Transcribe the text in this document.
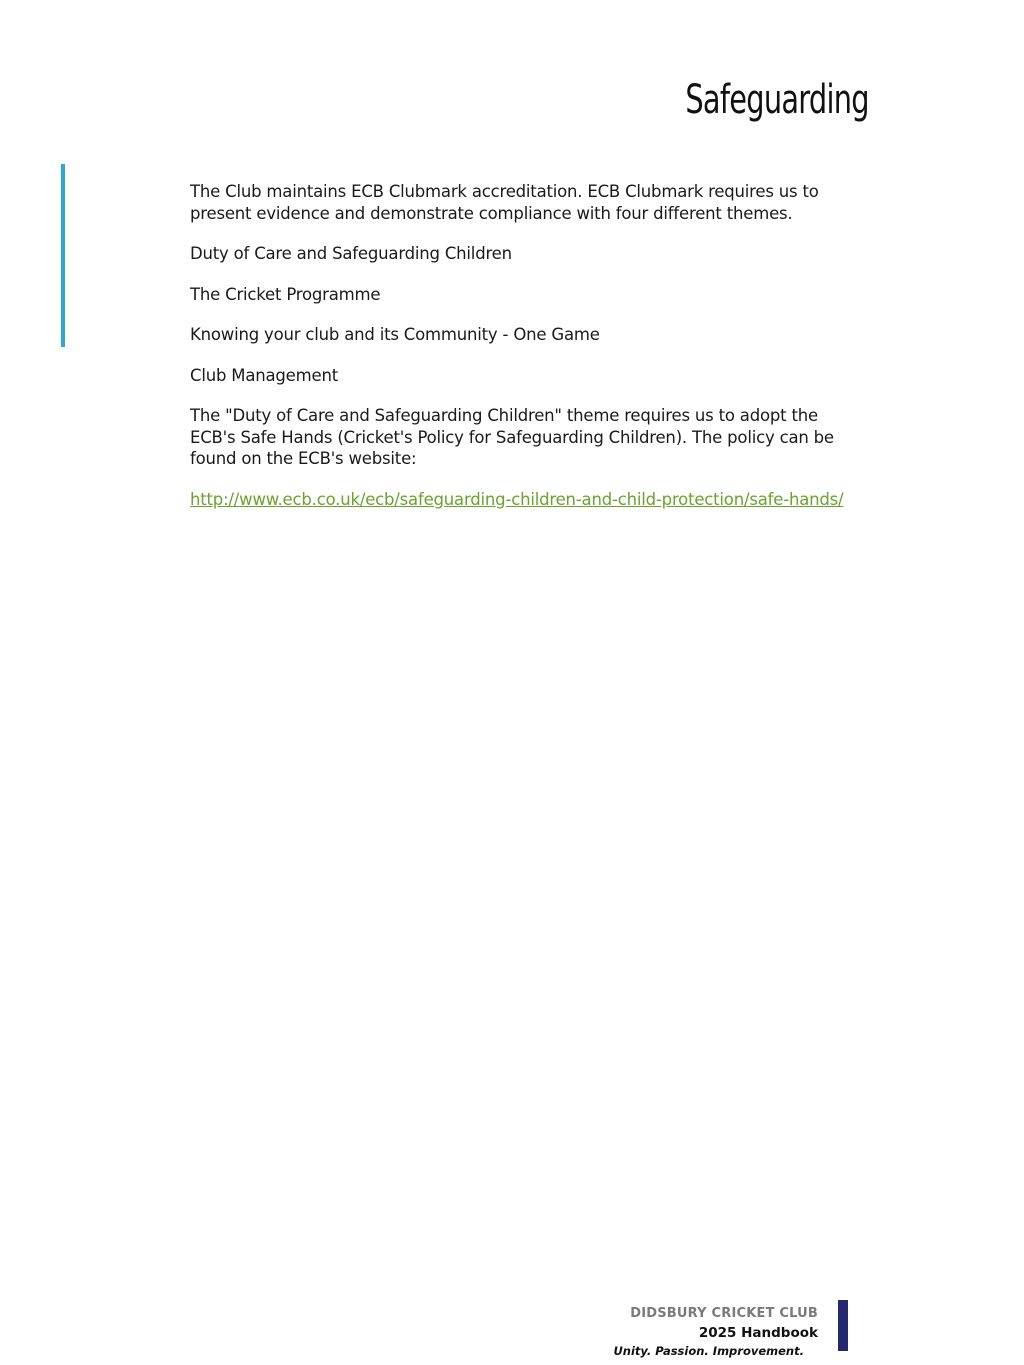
Safeguarding

The Club maintains ECB Clubmark accreditation. ECB Clubmark requires us to present evidence and demonstrate compliance with four different themes.

Duty of Care and Safeguarding Children

The Cricket Programme

Knowing your club and its Community - One Game

Club Management

The "Duty of Care and Safeguarding Children" theme requires us to adopt the ECB's Safe Hands (Cricket's Policy for Safeguarding Children). The policy can be found on the ECB's website:

http://www.ecb.co.uk/ecb/safeguarding-children-and-child-protection/safe-hands/

DIDSBURY CRICKET CLUB
2025 Handbook
Unity. Passion. Improvement.
